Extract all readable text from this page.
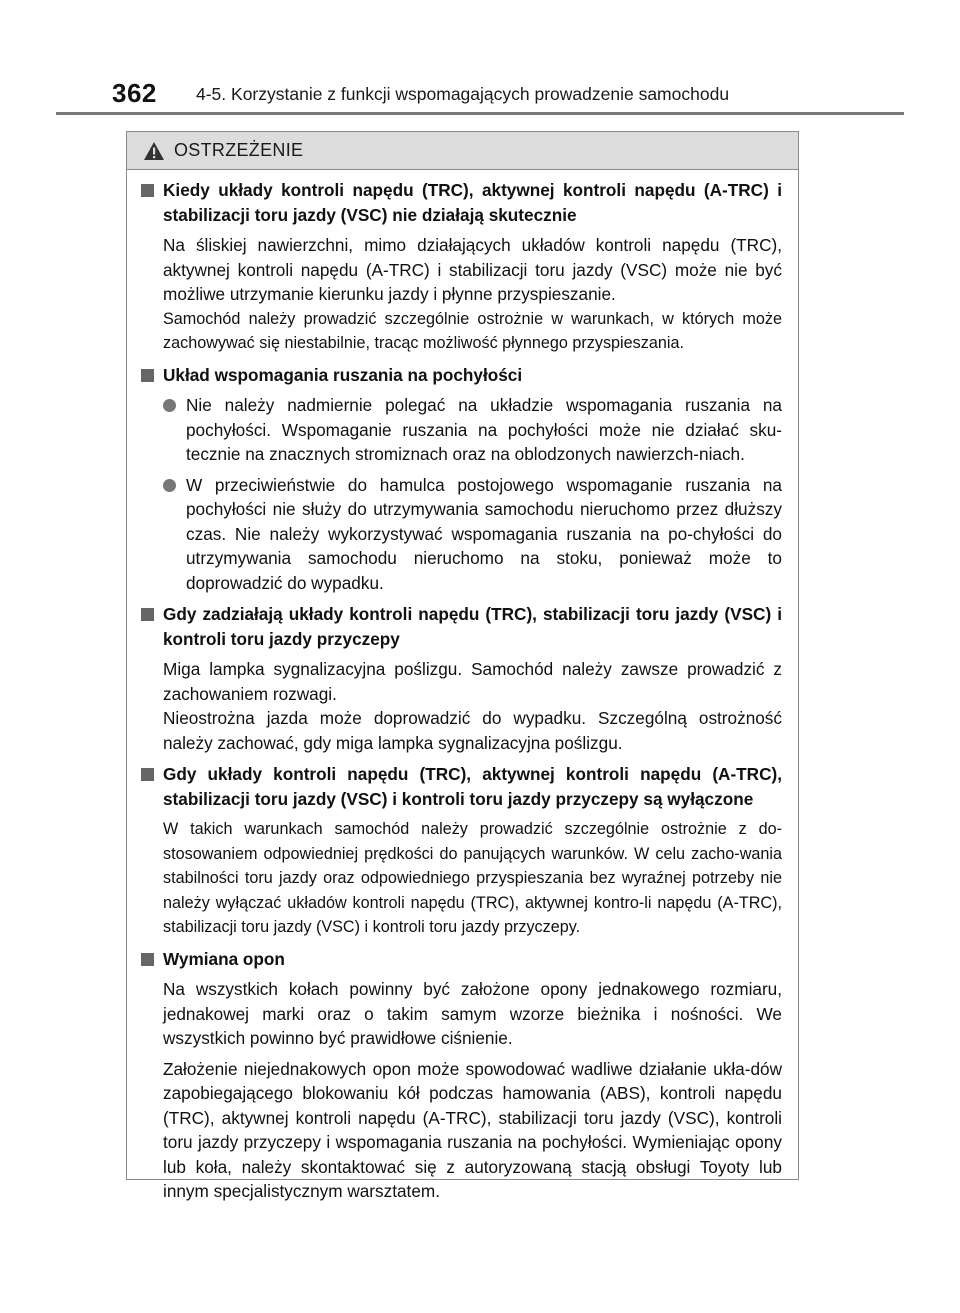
362 4-5. Korzystanie z funkcji wspomagających prowadzenie samochodu
OSTRZEŻENIE
Kiedy układy kontroli napędu (TRC), aktywnej kontroli napędu (A-TRC) i stabilizacji toru jazdy (VSC) nie działają skutecznie
Na śliskiej nawierzchni, mimo działających układów kontroli napędu (TRC), aktywnej kontroli napędu (A-TRC) i stabilizacji toru jazdy (VSC) może nie być możliwe utrzymanie kierunku jazdy i płynne przyspieszanie.
Samochód należy prowadzić szczególnie ostrożnie w warunkach, w których może zachowywać się niestabilnie, tracąc możliwość płynnego przyspieszania.
Układ wspomagania ruszania na pochyłości
Nie należy nadmiernie polegać na układzie wspomagania ruszania na pochyłości. Wspomaganie ruszania na pochyłości może nie działać sku-tecznie na znacznych stromiznach oraz na oblodzonych nawierzch-niach.
W przeciwieństwie do hamulca postojowego wspomaganie ruszania na pochyłości nie służy do utrzymywania samochodu nieruchomo przez dłuższy czas. Nie należy wykorzystywać wspomagania ruszania na po-chyłości do utrzymywania samochodu nieruchomo na stoku, ponieważ może to doprowadzić do wypadku.
Gdy zadziałają układy kontroli napędu (TRC), stabilizacji toru jazdy (VSC) i kontroli toru jazdy przyczepy
Miga lampka sygnalizacyjna poślizgu. Samochód należy zawsze prowadzić z zachowaniem rozwagi.
Nieostrożna jazda może doprowadzić do wypadku. Szczególną ostrożność należy zachować, gdy miga lampka sygnalizacyjna poślizgu.
Gdy układy kontroli napędu (TRC), aktywnej kontroli napędu (A-TRC), stabilizacji toru jazdy (VSC) i kontroli toru jazdy przyczepy są wyłączone
W takich warunkach samochód należy prowadzić szczególnie ostrożnie z do-stosowaniem odpowiedniej prędkości do panujących warunków. W celu zacho-wania stabilności toru jazdy oraz odpowiedniego przyspieszania bez wyraźnej potrzeby nie należy wyłączać układów kontroli napędu (TRC), aktywnej kontro-li napędu (A-TRC), stabilizacji toru jazdy (VSC) i kontroli toru jazdy przyczepy.
Wymiana opon
Na wszystkich kołach powinny być założone opony jednakowego rozmiaru, jednakowej marki oraz o takim samym wzorze bieżnika i nośności. We wszystkich powinno być prawidłowe ciśnienie.
Założenie niejednakowych opon może spowodować wadliwe działanie ukła-dów zapobiegającego blokowaniu kół podczas hamowania (ABS), kontroli napędu (TRC), aktywnej kontroli napędu (A-TRC), stabilizacji toru jazdy (VSC), kontroli toru jazdy przyczepy i wspomagania ruszania na pochyłości. Wymieniając opony lub koła, należy skontaktować się z autoryzowaną stacją obsługi Toyoty lub innym specjalistycznym warsztatem.
